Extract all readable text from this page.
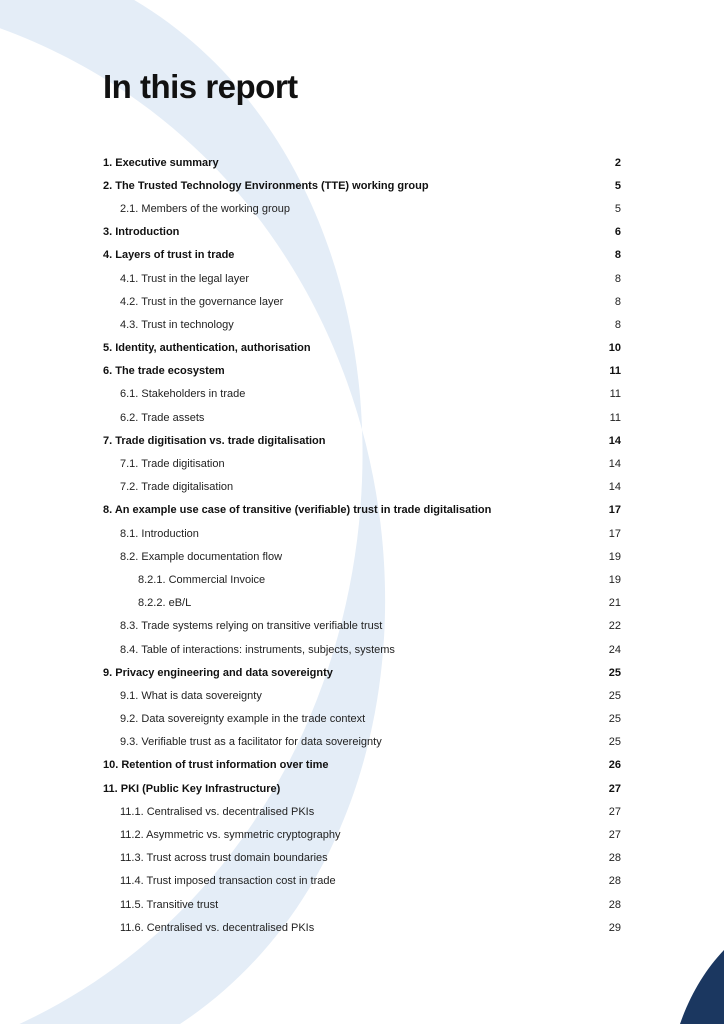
In this report
1. Executive summary	2
2. The Trusted Technology Environments (TTE) working group	5
2.1. Members of the working group	5
3. Introduction	6
4. Layers of trust in trade	8
4.1. Trust in the legal layer	8
4.2. Trust in the governance layer	8
4.3. Trust in technology	8
5. Identity, authentication, authorisation	10
6. The trade ecosystem	11
6.1. Stakeholders in trade	11
6.2. Trade assets	11
7. Trade digitisation vs. trade digitalisation	14
7.1. Trade digitisation	14
7.2. Trade digitalisation	14
8. An example use case of transitive (verifiable) trust in trade digitalisation	17
8.1. Introduction	17
8.2. Example documentation flow	19
8.2.1. Commercial Invoice	19
8.2.2. eB/L	21
8.3. Trade systems relying on transitive verifiable trust	22
8.4. Table of interactions: instruments, subjects, systems	24
9. Privacy engineering and data sovereignty	25
9.1. What is data sovereignty	25
9.2. Data sovereignty example in the trade context	25
9.3. Verifiable trust as a facilitator for data sovereignty	25
10. Retention of trust information over time	26
11. PKI (Public Key Infrastructure)	27
11.1. Centralised vs. decentralised PKIs	27
11.2. Asymmetric vs. symmetric cryptography	27
11.3. Trust across trust domain boundaries	28
11.4. Trust imposed transaction cost in trade	28
11.5. Transitive trust	28
11.6. Centralised vs. decentralised PKIs	29
